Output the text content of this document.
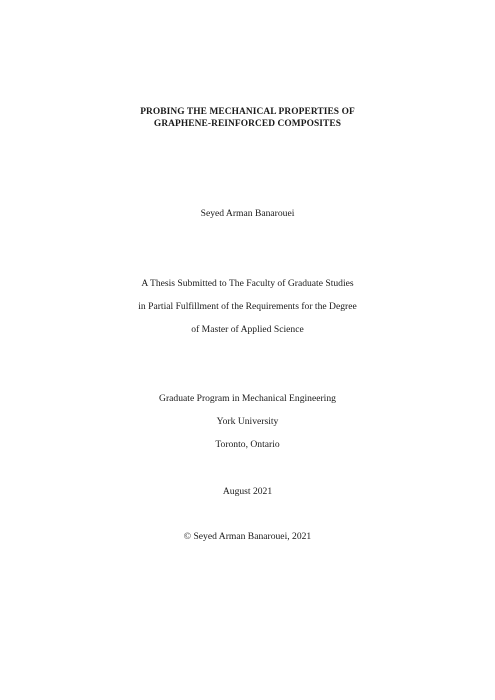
PROBING THE MECHANICAL PROPERTIES OF
GRAPHENE-REINFORCED COMPOSITES
Seyed Arman Banarouei
A Thesis Submitted to The Faculty of Graduate Studies
in Partial Fulfillment of the Requirements for the Degree
of Master of Applied Science
Graduate Program in Mechanical Engineering
York University
Toronto, Ontario
August 2021
© Seyed Arman Banarouei, 2021
